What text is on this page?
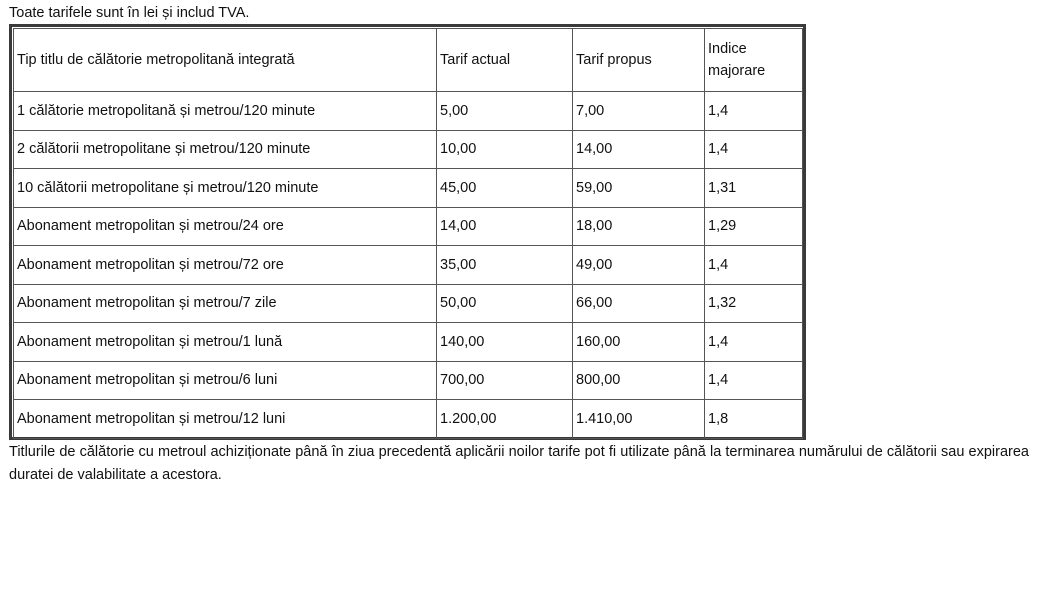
Toate tarifele sunt în lei și includ TVA.
Tip titlu de călătorie metropolitană integrată	Tarif actual	Tarif propus	Indice majorare
1 călătorie metropolitană și metrou/120 minute	5,00	7,00	1,4
2 călătorii metropolitane și metrou/120 minute	10,00	14,00	1,4
10 călătorii metropolitane și metrou/120 minute	45,00	59,00	1,31
Abonament metropolitan și metrou/24 ore	14,00	18,00	1,29
Abonament metropolitan și metrou/72 ore	35,00	49,00	1,4
Abonament metropolitan și metrou/7 zile	50,00	66,00	1,32
Abonament metropolitan și metrou/1 lună	140,00	160,00	1,4
Abonament metropolitan și metrou/6 luni	700,00	800,00	1,4
Abonament metropolitan și metrou/12 luni	1.200,00	1.410,00	1,8
Titlurile de călătorie cu metroul achiziționate până în ziua precedentă aplicării noilor tarife pot fi utilizate până la terminarea numărului de călătorii sau expirarea duratei de valabilitate a acestora.
